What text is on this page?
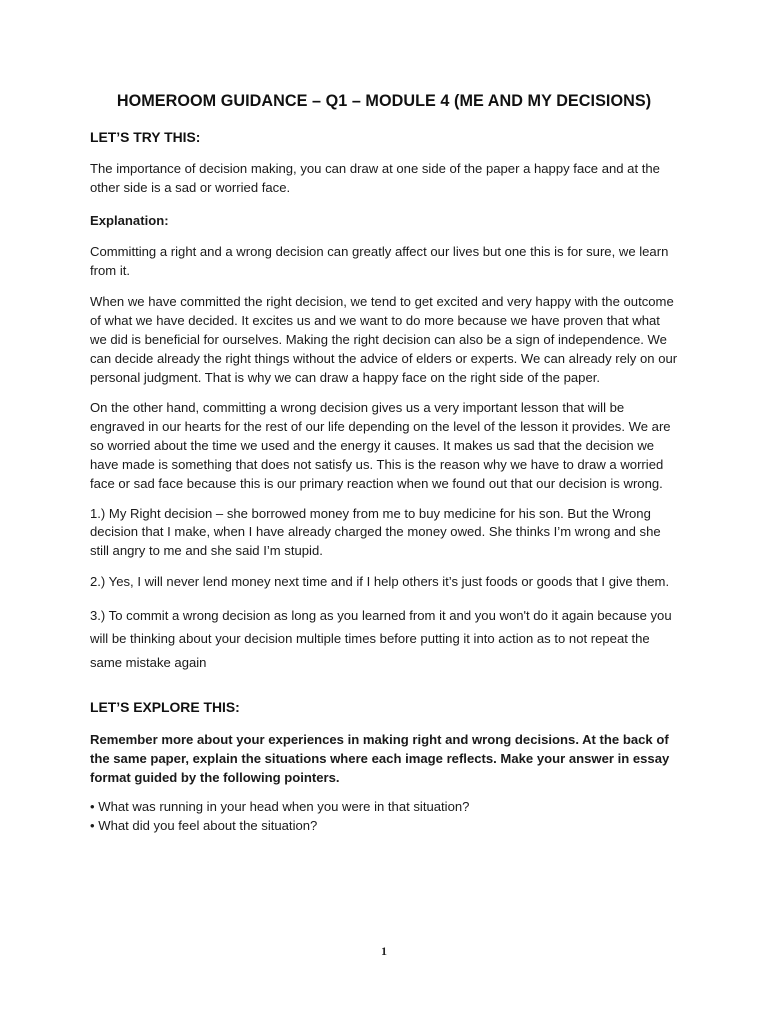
HOMEROOM GUIDANCE – Q1 – MODULE 4 (ME AND MY DECISIONS)

LET’S TRY THIS:

The importance of decision making, you can draw at one side of the paper a happy face and at the other side is a sad or worried face.

Explanation:

Committing a right and a wrong decision can greatly affect our lives but one this is for sure, we learn from it.

When we have committed the right decision, we tend to get excited and very happy with the outcome of what we have decided. It excites us and we want to do more because we have proven that what we did is beneficial for ourselves. Making the right decision can also be a sign of independence. We can decide already the right things without the advice of elders or experts. We can already rely on our personal judgment. That is why we can draw a happy face on the right side of the paper.

On the other hand, committing a wrong decision gives us a very important lesson that will be engraved in our hearts for the rest of our life depending on the level of the lesson it provides. We are so worried about the time we used and the energy it causes. It makes us sad that the decision we have made is something that does not satisfy us. This is the reason why we have to draw a worried face or sad face because this is our primary reaction when we found out that our decision is wrong.

1.) My Right decision – she borrowed money from me to buy medicine for his son. But the Wrong decision that I make, when I have already charged the money owed. She thinks I’m wrong and she still angry to me and she said I’m stupid.

2.) Yes, I will never lend money next time and if I help others it’s just foods or goods that I give them.

3.) To commit a wrong decision as long as you learned from it and you won't do it again because you will be thinking about your decision multiple times before putting it into action as to not repeat the same mistake again

LET’S EXPLORE THIS:

Remember more about your experiences in making right and wrong decisions. At the back of the same paper, explain the situations where each image reflects. Make your answer in essay format guided by the following pointers.

• What was running in your head when you were in that situation?

• What did you feel about the situation?

1
